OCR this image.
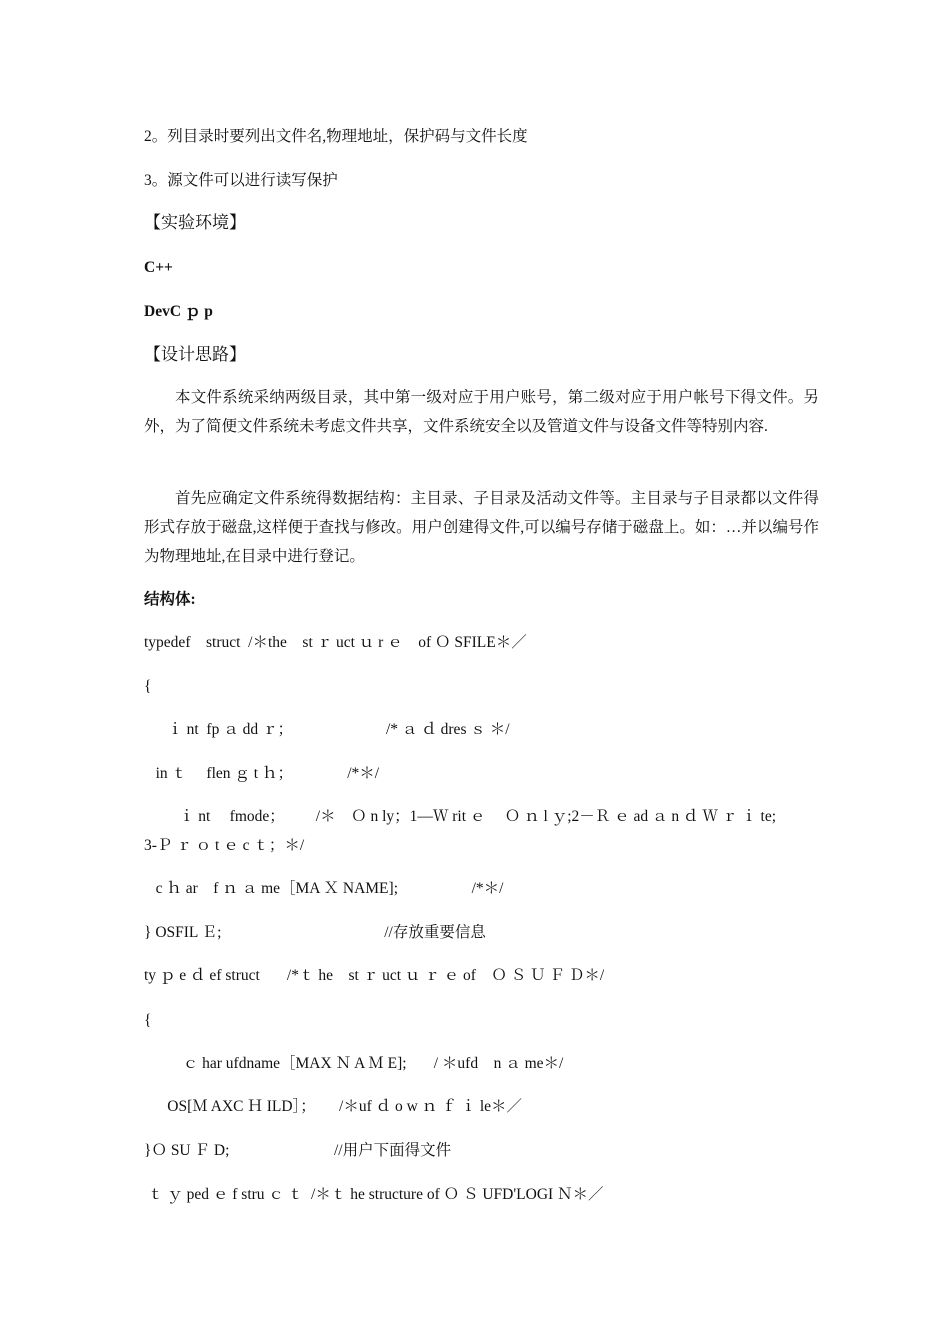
2。列目录时要列出文件名,物理地址，保护码与文件长度
3。源文件可以进行读写保护
【实验环境】
C++
DevC ｐ p
【设计思路】
本文件系统采纳两级目录，其中第一级对应于用户账号，第二级对应于用户帐号下得文件。另外，为了简便文件系统未考虑文件共享，文件系统安全以及管道文件与设备文件等特别内容.
首先应确定文件系统得数据结构：主目录、子目录及活动文件等。主目录与子目录都以文件得形式存放于磁盘,这样便于查找与修改。用户创建得文件,可以编号存储于磁盘上。如：…并以编号作为物理地址,在目录中进行登记。
结构体:
typedef    struct  /＊the    st ｒ uct ｕ r ｅ    of Ｏ SFILE＊／
{
ｉ nt  fp ａ dd ｒ；                        /* ａ ｄ dres ｓ ＊/
in ｔ     flen ｇ t ｈ；              /*＊/
ｉ nt     fmode；        /＊    Ｏ n ly；1—Ｗ rit ｅ     Ｏ ｎ l ｙ;2－Ｒ ｅ ad ａ n ｄ Ｗ ｒ ｉ te;
3-Ｐ ｒ ｏ t ｅ c ｔ；＊/
c ｈ ar    f ｎ ａ me［MA Ｘ NAME];                   /*＊/
} OSFIL Ｅ;                                          //存放重要信息
ty ｐ e ｄ ef struct       /*ｔ he    st ｒ uct ｕ ｒ ｅ of    Ｏ Ｓ Ｕ Ｆ Ｄ＊/
{
ｃ har ufdname［MAX Ｎ A Ｍ E];       / ＊ufd    n ａ me＊/
OS[Ｍ AXC Ｈ ILD］；      /＊uf ｄ o w ｎ ｆ ｉ le＊／
}Ｏ SU Ｆ D;                           //用户下面得文件
ｔ ｙ ped ｅ f stru ｃ ｔ  /＊ｔ he structure of Ｏ Ｓ UFD'LOGI Ｎ＊／
